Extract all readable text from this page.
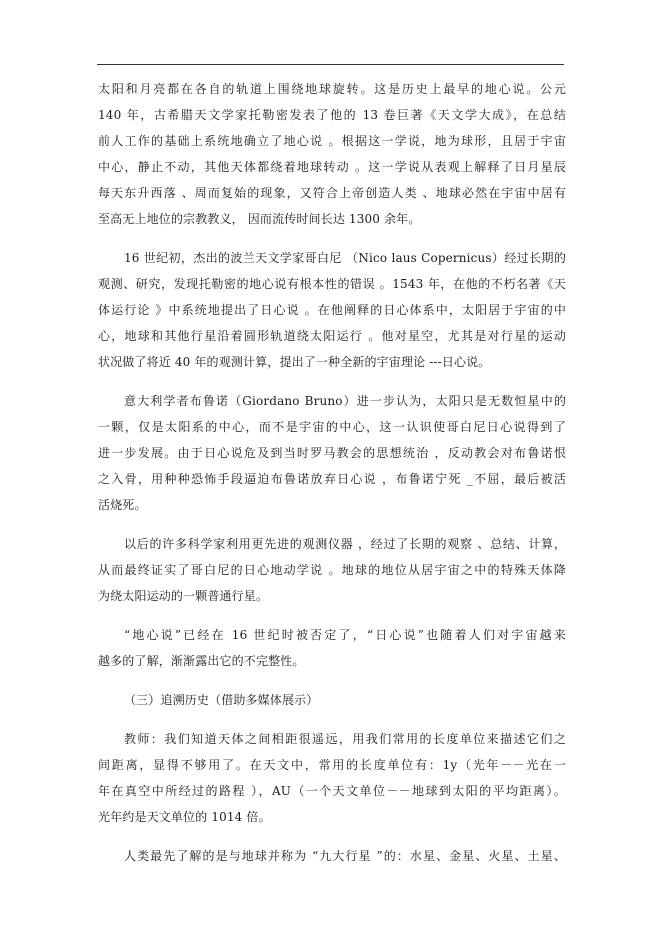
太阳和月亮都在各自的轨道上围绕地球旋转。这是历史上最早的地心说。公元
140 年，古希腊天文学家托勒密发表了他的 13 卷巨著《天文学大成》，在总结
前人工作的基础上系统地确立了地心说 。根据这一学说，地为球形，且居于宇宙
中心，静止不动，其他天体都绕着地球转动 。这一学说从表观上解释了日月星辰
每天东升西落 、周而复始的现象，又符合上帝创造人类 、地球必然在宇宙中居有
至高无上地位的宗教教义， 因而流传时间长达 1300 余年。
16 世纪初，杰出的波兰天文学家哥白尼 （Nico laus Copernicus）经过长期的
观测、研究，发现托勒密的地心说有根本性的错误 。1543 年，在他的不朽名著《天
体运行论 》中系统地提出了日心说 。在他阐释的日心体系中，太阳居于宇宙的中
心，地球和其他行星沿着圆形轨道绕太阳运行 。他对星空，尤其是对行星的运动
状况做了将近 40 年的观测计算，提出了一种全新的宇宙理论 ---日心说。
意大利学者布鲁诺（Giordano Bruno）进一步认为，太阳只是无数恒星中的
一颗，仅是太阳系的中心，而不是宇宙的中心，这一认识使哥白尼日心说得到了
进一步发展。由于日心说危及到当时罗马教会的思想统治 ，反动教会对布鲁诺恨
之入骨，用种种恐怖手段逼迫布鲁诺放弃日心说 ，布鲁诺宁死 _不屈，最后被活
活烧死。
以后的许多科学家利用更先进的观测仪器 ，经过了长期的观察 、总结、计算，
从而最终证实了哥白尼的日心地动学说 。地球的地位从居宇宙之中的特殊天体降
为绕太阳运动的一颗普通行星。
“地心说”已经在 16 世纪时被否定了，“日心说”也随着人们对宇宙越来
越多的了解，渐渐露出它的不完整性。
（三）追溯历史（借助多媒体展示）
教师：我们知道天体之间相距很遥远，用我们常用的长度单位来描述它们之
间距离，显得不够用了。在天文中，常用的长度单位有：1y（光年－－光在一
年在真空中所经过的路程 ），AU（一个天文单位－－地球到太阳的平均距离）。
光年约是天文单位的 1014 倍。
人类最先了解的是与地球并称为 “九大行星 ”的：水星、金星、火星、土星、
